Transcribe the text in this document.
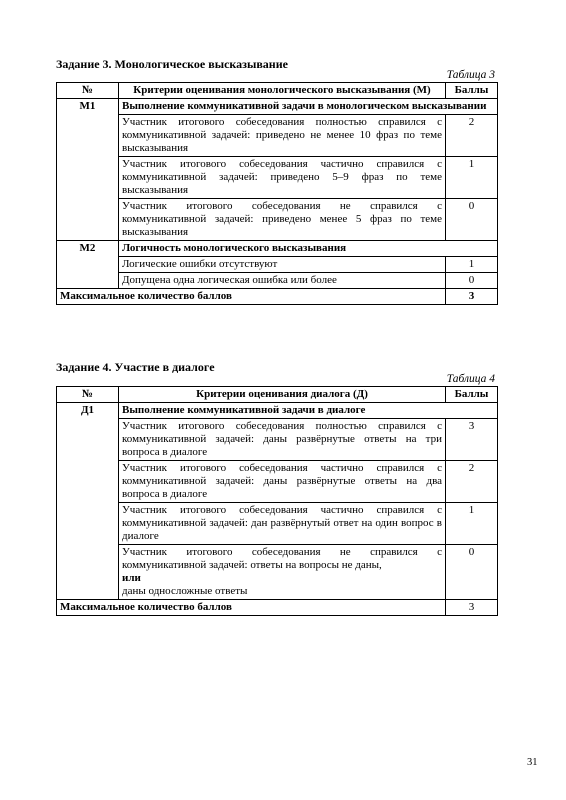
Задание 3. Монологическое высказывание
Таблица 3
№	Критерии оценивания монологического высказывания (М)	Баллы
М1	Выполнение коммуникативной задачи в монологическом высказывании	
	Участник итогового собеседования полностью справился с коммуникативной задачей: приведено не менее 10 фраз по теме высказывания	2
	Участник итогового собеседования частично справился с коммуникативной задачей: приведено 5–9 фраз по теме высказывания	1
	Участник итогового собеседования не справился с коммуникативной задачей: приведено менее 5 фраз по теме высказывания	0
М2	Логичность монологического высказывания	
	Логические ошибки отсутствуют	1
	Допущена одна логическая ошибка или более	0
Максимальное количество баллов		3
Задание 4. Участие в диалоге
Таблица 4
№	Критерии оценивания диалога (Д)	Баллы
Д1	Выполнение коммуникативной задачи в диалоге	
	Участник итогового собеседования полностью справился с коммуникативной задачей: даны развёрнутые ответы на три вопроса в диалоге	3
	Участник итогового собеседования частично справился с коммуникативной задачей: даны развёрнутые ответы на два вопроса в диалоге	2
	Участник итогового собеседования частично справился с коммуникативной задачей: дан развёрнутый ответ на один вопрос в диалоге	1
	Участник итогового собеседования не справился с коммуникативной задачей: ответы на вопросы не даны,
или
даны односложные ответы	0
Максимальное количество баллов		3
31
